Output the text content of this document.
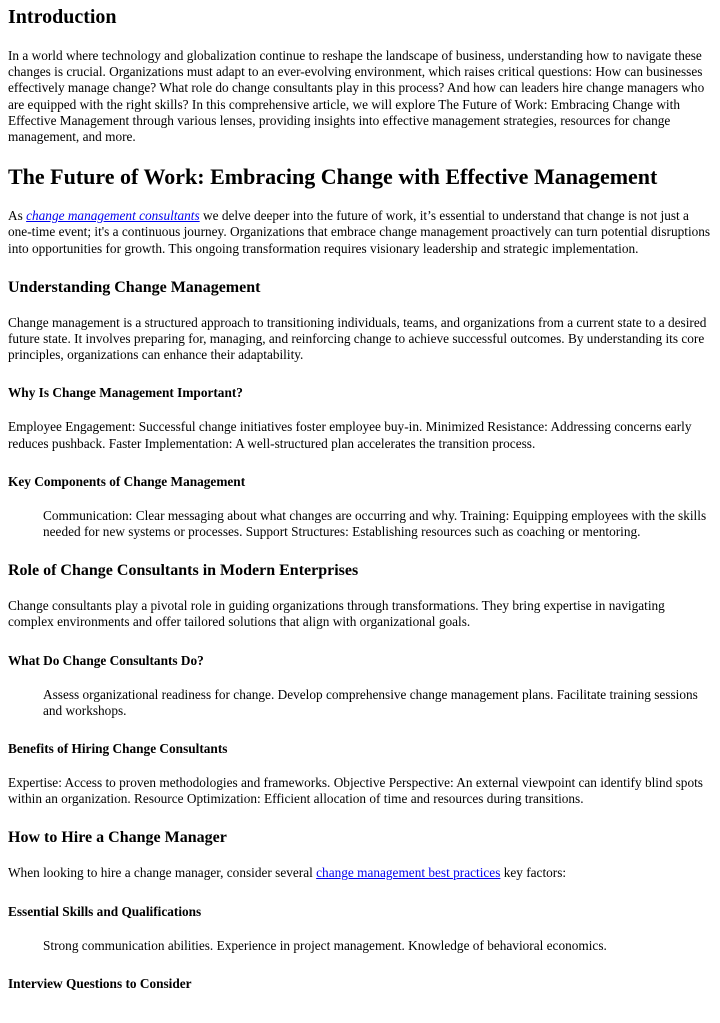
Introduction

In a world where technology and globalization continue to reshape the landscape of business, understanding how to navigate these changes is crucial. Organizations must adapt to an ever-evolving environment, which raises critical questions: How can businesses effectively manage change? What role do change consultants play in this process? And how can leaders hire change managers who are equipped with the right skills? In this comprehensive article, we will explore The Future of Work: Embracing Change with Effective Management through various lenses, providing insights into effective management strategies, resources for change management, and more.

The Future of Work: Embracing Change with Effective Management

As change management consultants we delve deeper into the future of work, it’s essential to understand that change is not just a one-time event; it's a continuous journey. Organizations that embrace change management proactively can turn potential disruptions into opportunities for growth. This ongoing transformation requires visionary leadership and strategic implementation.

Understanding Change Management

Change management is a structured approach to transitioning individuals, teams, and organizations from a current state to a desired future state. It involves preparing for, managing, and reinforcing change to achieve successful outcomes. By understanding its core principles, organizations can enhance their adaptability.

Why Is Change Management Important?

Employee Engagement: Successful change initiatives foster employee buy-in. Minimized Resistance: Addressing concerns early reduces pushback. Faster Implementation: A well-structured plan accelerates the transition process.

Key Components of Change Management
Communication: Clear messaging about what changes are occurring and why. Training: Equipping employees with the skills needed for new systems or processes. Support Structures: Establishing resources such as coaching or mentoring.
Role of Change Consultants in Modern Enterprises

Change consultants play a pivotal role in guiding organizations through transformations. They bring expertise in navigating complex environments and offer tailored solutions that align with organizational goals.

What Do Change Consultants Do?
Assess organizational readiness for change. Develop comprehensive change management plans. Facilitate training sessions and workshops.
Benefits of Hiring Change Consultants

Expertise: Access to proven methodologies and frameworks. Objective Perspective: An external viewpoint can identify blind spots within an organization. Resource Optimization: Efficient allocation of time and resources during transitions.

How to Hire a Change Manager

When looking to hire a change manager, consider several change management best practices key factors:

Essential Skills and Qualifications
Strong communication abilities. Experience in project management. Knowledge of behavioral economics.
Interview Questions to Consider
